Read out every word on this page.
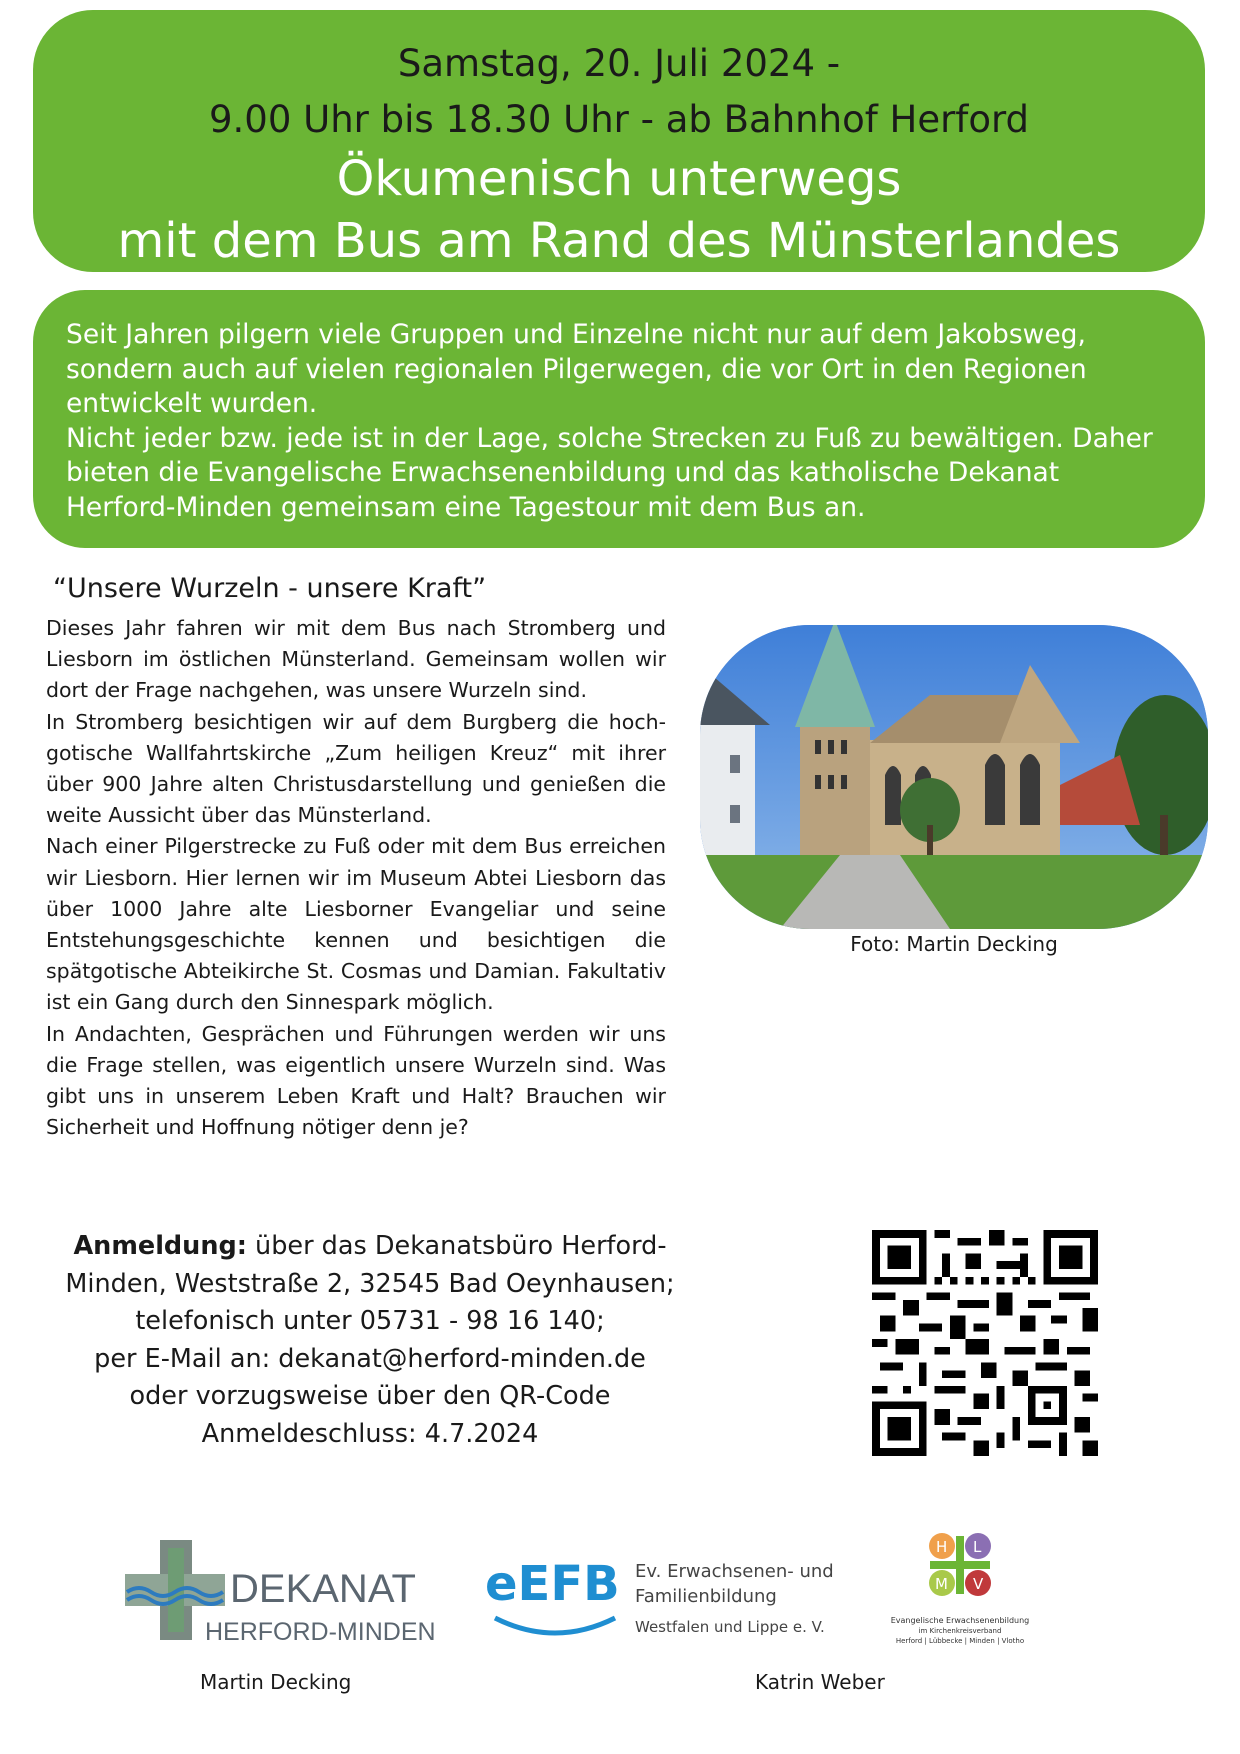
Samstag, 20. Juli 2024 -
9.00 Uhr bis 18.30 Uhr - ab Bahnhof Herford
Ökumenisch unterwegs
mit dem Bus am Rand des Münsterlandes

Seit Jahren pilgern viele Gruppen und Einzelne nicht nur auf dem Jakobsweg, sondern auch auf vielen regionalen Pilgerwegen, die vor Ort in den Regionen entwickelt wurden.
Nicht jeder bzw. jede ist in der Lage, solche Strecken zu Fuß zu bewältigen. Daher bieten die Evangelische Erwachsenenbildung und das katholische Dekanat Herford-Minden gemeinsam eine Tagestour mit dem Bus an.

“Unsere Wurzeln - unsere Kraft”

Dieses Jahr fahren wir mit dem Bus nach Stromberg und Liesborn im östlichen Münsterland. Gemeinsam wollen wir dort der Frage nachgehen, was unsere Wurzeln sind.

In Stromberg besichtigen wir auf dem Burgberg die hoch-gotische Wallfahrtskirche „Zum heiligen Kreuz“ mit ihrer über 900 Jahre alten Christusdarstellung und genießen die weite Aussicht über das Münsterland.

Nach einer Pilgerstrecke zu Fuß oder mit dem Bus erreichen wir Liesborn. Hier lernen wir im Museum Abtei Liesborn das über 1000 Jahre alte Liesborner Evangeliar und seine Entstehungsgeschichte kennen und besichtigen die spätgotische Abteikirche St. Cosmas und Damian. Fakultativ ist ein Gang durch den Sinnespark möglich.

In Andachten, Gesprächen und Führungen werden wir uns die Frage stellen, was eigentlich unsere Wurzeln sind. Was gibt uns in unserem Leben Kraft und Halt? Brauchen wir Sicherheit und Hoffnung nötiger denn je?

Foto: Martin Decking
Anmeldung: über das Dekanatsbüro Herford-
Minden, Weststraße 2, 32545 Bad Oeynhausen;
telefonisch unter 05731 - 98 16 140;
per E-Mail an: dekanat@herford-minden.de
oder vorzugsweise über den QR-Code
Anmeldeschluss: 4.7.2024
DEKANAT
HERFORD-MINDEN
eEFB Ev. Erwachsenen- und
Familienbildung
Westfalen und Lippe e. V.
H L
M V
Evangelische Erwachsenenbildung
im Kirchenkreisverband
Herford | Lübbecke | Minden | Vlotho
Martin Decking	Katrin Weber
